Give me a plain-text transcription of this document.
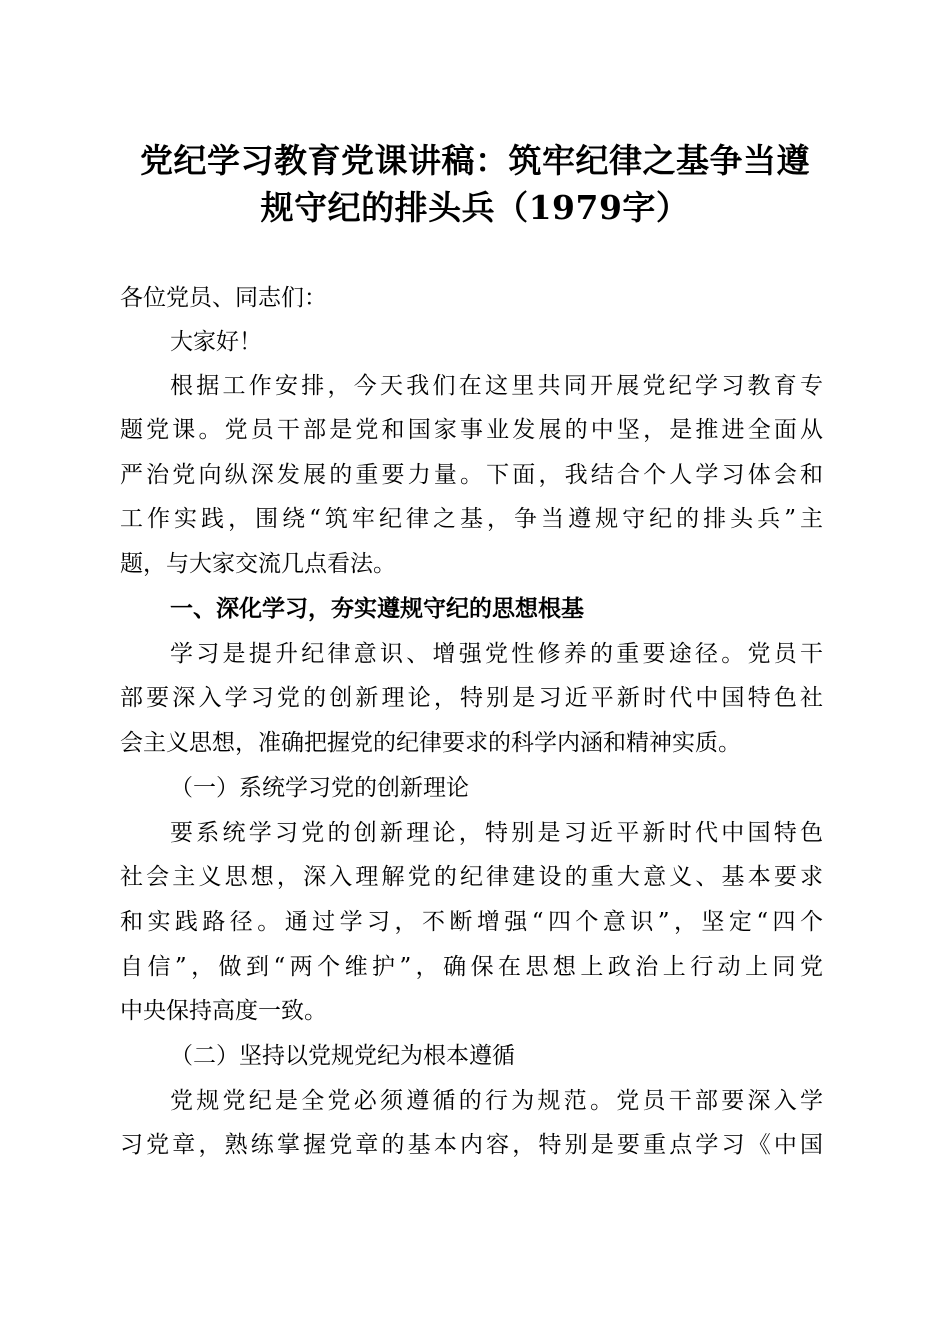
党纪学习教育党课讲稿：筑牢纪律之基争当遵
规守纪的排头兵（1979字）
各位党员、同志们：
大家好！
根据工作安排，今天我们在这里共同开展党纪学习教育专
题党课。党员干部是党和国家事业发展的中坚，是推进全面从
严治党向纵深发展的重要力量。下面，我结合个人学习体会和
工作实践，围绕“筑牢纪律之基，争当遵规守纪的排头兵”主
题，与大家交流几点看法。
一、深化学习，夯实遵规守纪的思想根基
学习是提升纪律意识、增强党性修养的重要途径。党员干
部要深入学习党的创新理论，特别是习近平新时代中国特色社
会主义思想，准确把握党的纪律要求的科学内涵和精神实质。
（一）系统学习党的创新理论
要系统学习党的创新理论，特别是习近平新时代中国特色
社会主义思想，深入理解党的纪律建设的重大意义、基本要求
和实践路径。通过学习，不断增强“四个意识”，坚定“四个
自信”，做到“两个维护”，确保在思想上政治上行动上同党
中央保持高度一致。
（二）坚持以党规党纪为根本遵循
党规党纪是全党必须遵循的行为规范。党员干部要深入学
习党章，熟练掌握党章的基本内容，特别是要重点学习《中国
